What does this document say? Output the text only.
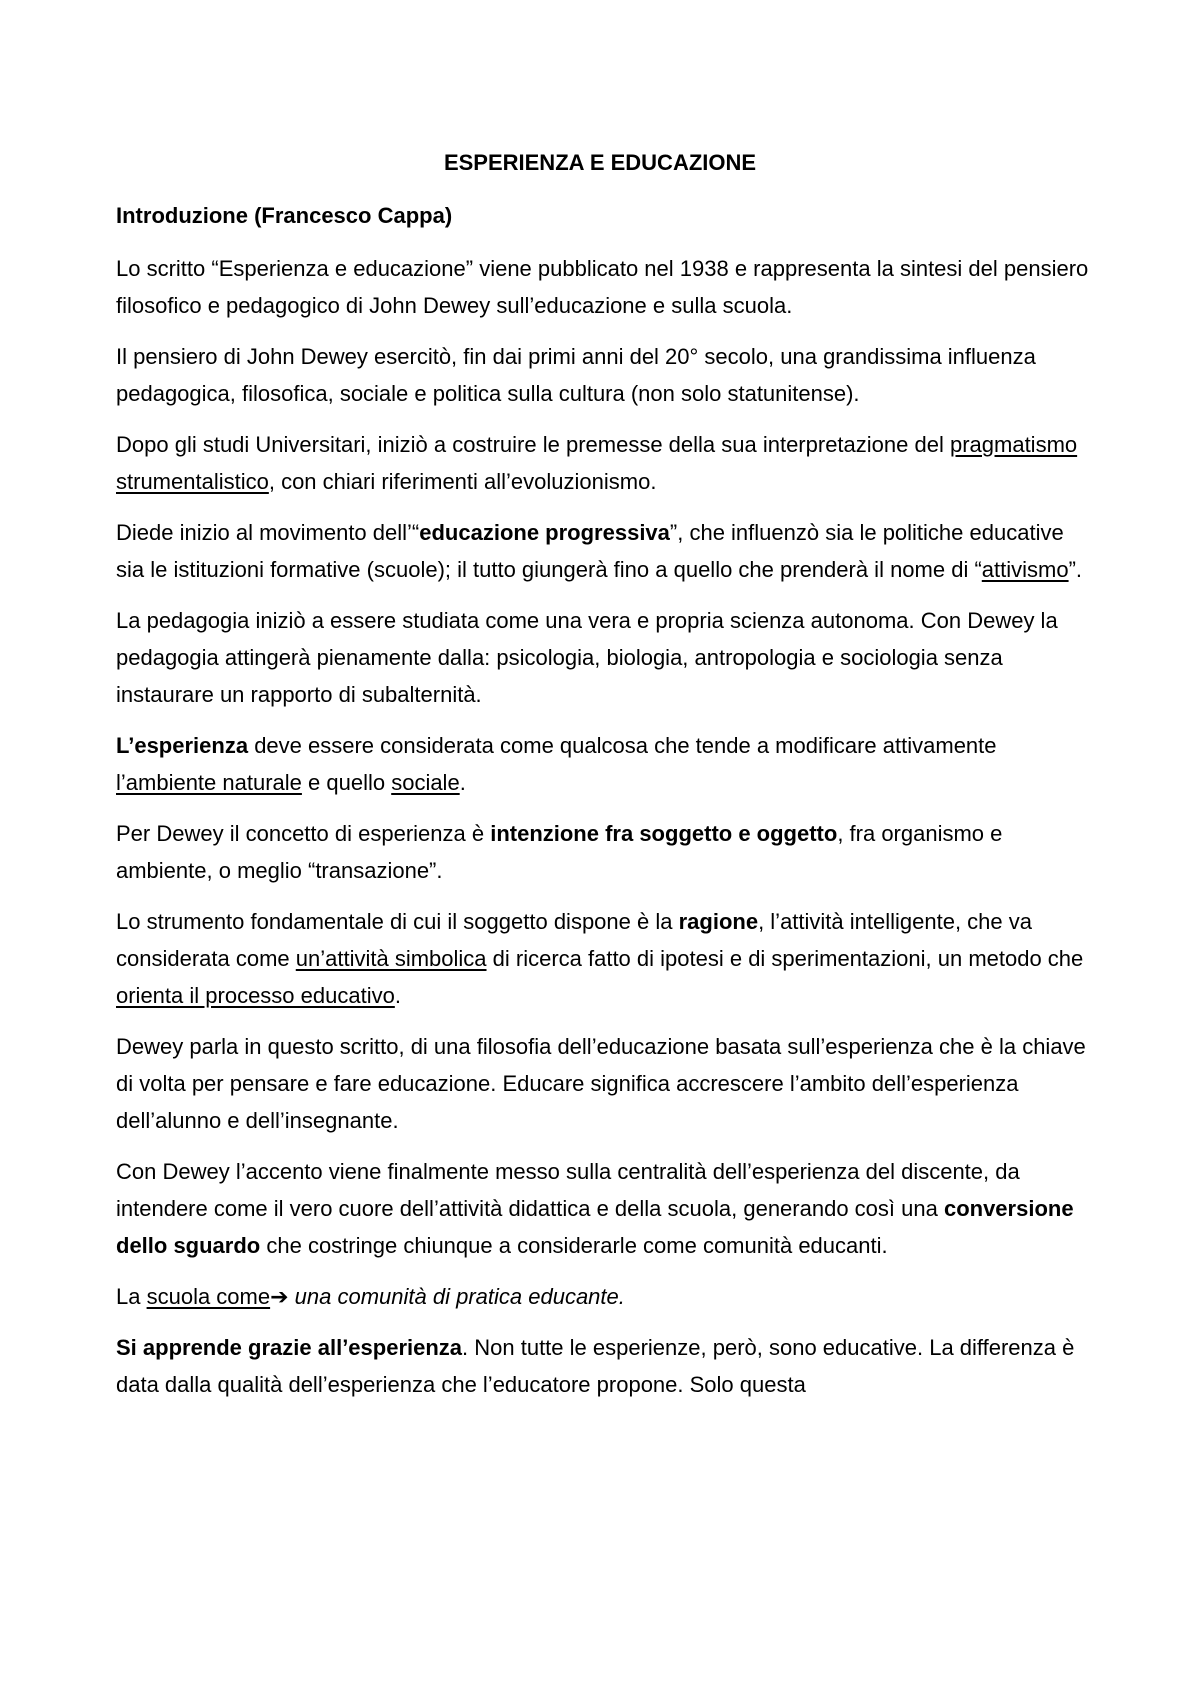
ESPERIENZA E EDUCAZIONE
Introduzione (Francesco Cappa)

Lo scritto “Esperienza e educazione” viene pubblicato nel 1938 e rappresenta la sintesi del pensiero filosofico e pedagogico di John Dewey sull’educazione e sulla scuola.

Il pensiero di John Dewey esercitò, fin dai primi anni del 20° secolo, una grandissima influenza pedagogica, filosofica, sociale e politica sulla cultura (non solo statunitense).

Dopo gli studi Universitari, iniziò a costruire le premesse della sua interpretazione del pragmatismo strumentalistico, con chiari riferimenti all’evoluzionismo.

Diede inizio al movimento dell’“educazione progressiva”, che influenzò sia le politiche educative sia le istituzioni formative (scuole); il tutto giungerà fino a quello che prenderà il nome di “attivismo”.

La pedagogia iniziò a essere studiata come una vera e propria scienza autonoma. Con Dewey la pedagogia attingerà pienamente dalla: psicologia, biologia, antropologia e sociologia senza instaurare un rapporto di subalternità.

L’esperienza deve essere considerata come qualcosa che tende a modificare attivamente l’ambiente naturale e quello sociale.

Per Dewey il concetto di esperienza è intenzione fra soggetto e oggetto, fra organismo e ambiente, o meglio “transazione”.

Lo strumento fondamentale di cui il soggetto dispone è la ragione, l’attività intelligente, che va considerata come un’attività simbolica di ricerca fatto di ipotesi e di sperimentazioni, un metodo che orienta il processo educativo.

Dewey parla in questo scritto, di una filosofia dell’educazione basata sull’esperienza che è la chiave di volta per pensare e fare educazione. Educare significa accrescere l’ambito dell’esperienza dell’alunno e dell’insegnante.

Con Dewey l’accento viene finalmente messo sulla centralità dell’esperienza del discente, da intendere come il vero cuore dell’attività didattica e della scuola, generando così una conversione dello sguardo che costringe chiunque a considerarle come comunità educanti.

La scuola come➔ una comunità di pratica educante.

Si apprende grazie all’esperienza. Non tutte le esperienze, però, sono educative. La differenza è data dalla qualità dell’esperienza che l’educatore propone. Solo questa
